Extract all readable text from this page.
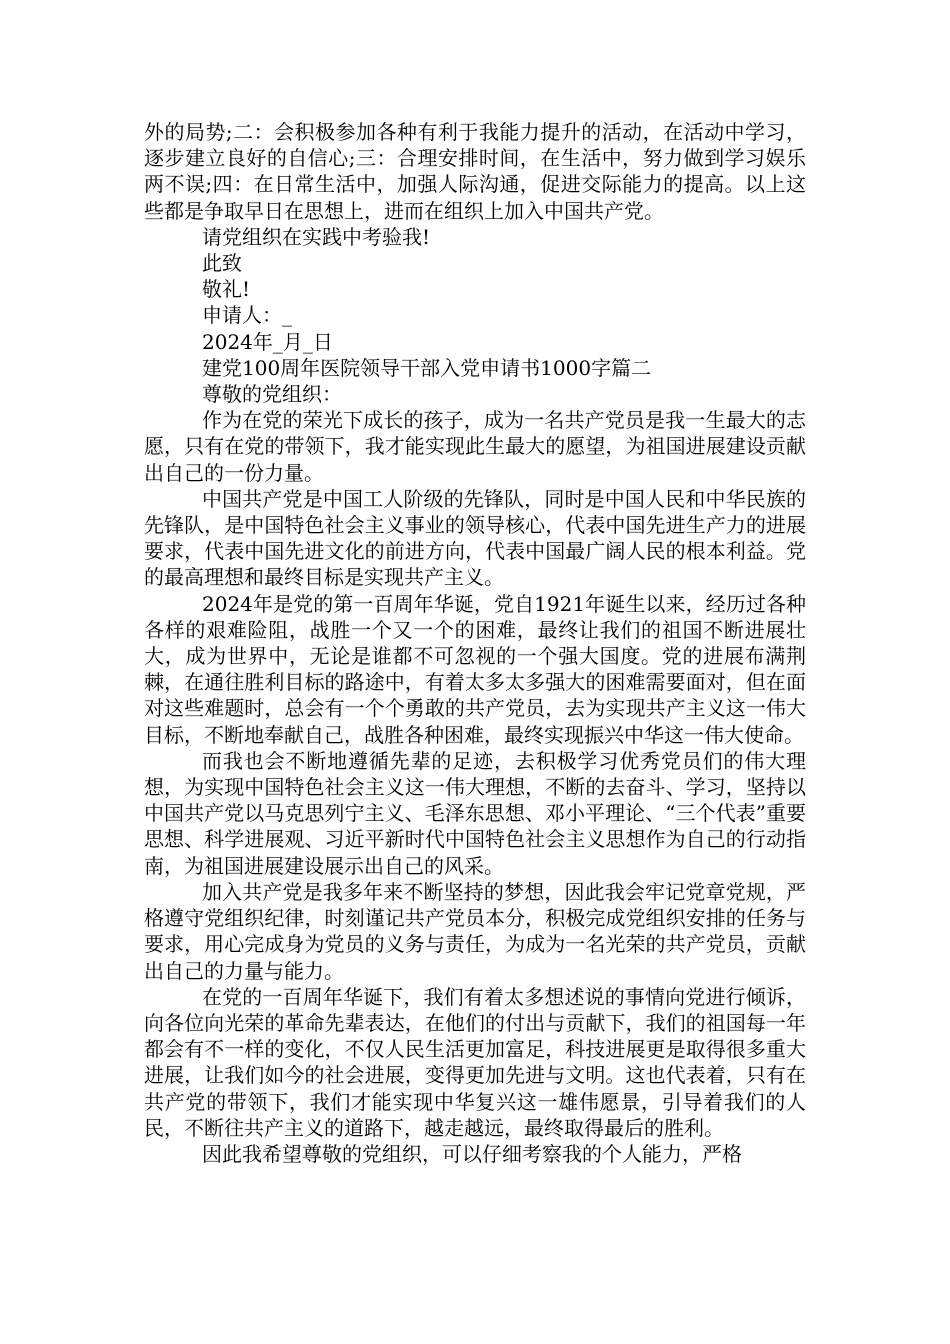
外的局势;二：会积极参加各种有利于我能力提升的活动，在活动中学习，逐步建立良好的自信心;三：合理安排时间，在生活中，努力做到学习娱乐两不误;四：在日常生活中，加强人际沟通，促进交际能力的提高。以上这些都是争取早日在思想上，进而在组织上加入中国共产党。

请党组织在实践中考验我!

此致

敬礼!

申请人：_

2024年_月_日

建党100周年医院领导干部入党申请书1000字篇二

尊敬的党组织：

作为在党的荣光下成长的孩子，成为一名共产党员是我一生最大的志愿，只有在党的带领下，我才能实现此生最大的愿望，为祖国进展建设贡献出自己的一份力量。

中国共产党是中国工人阶级的先锋队，同时是中国人民和中华民族的先锋队，是中国特色社会主义事业的领导核心，代表中国先进生产力的进展要求，代表中国先进文化的前进方向，代表中国最广阔人民的根本利益。党的最高理想和最终目标是实现共产主义。

2024年是党的第一百周年华诞，党自1921年诞生以来，经历过各种各样的艰难险阻，战胜一个又一个的困难，最终让我们的祖国不断进展壮大，成为世界中，无论是谁都不可忽视的一个强大国度。党的进展布满荆棘，在通往胜利目标的路途中，有着太多太多强大的困难需要面对，但在面对这些难题时，总会有一个个勇敢的共产党员，去为实现共产主义这一伟大目标，不断地奉献自己，战胜各种困难，最终实现振兴中华这一伟大使命。

而我也会不断地遵循先辈的足迹，去积极学习优秀党员们的伟大理想，为实现中国特色社会主义这一伟大理想，不断的去奋斗、学习，坚持以中国共产党以马克思列宁主义、毛泽东思想、邓小平理论、“三个代表”重要思想、科学进展观、习近平新时代中国特色社会主义思想作为自己的行动指南，为祖国进展建设展示出自己的风采。

加入共产党是我多年来不断坚持的梦想，因此我会牢记党章党规，严格遵守党组织纪律，时刻谨记共产党员本分，积极完成党组织安排的任务与要求，用心完成身为党员的义务与责任，为成为一名光荣的共产党员，贡献出自己的力量与能力。

在党的一百周年华诞下，我们有着太多想述说的事情向党进行倾诉，向各位向光荣的革命先辈表达，在他们的付出与贡献下，我们的祖国每一年都会有不一样的变化，不仅人民生活更加富足，科技进展更是取得很多重大进展，让我们如今的社会进展，变得更加先进与文明。这也代表着，只有在共产党的带领下，我们才能实现中华复兴这一雄伟愿景，引导着我们的人民，不断往共产主义的道路下，越走越远，最终取得最后的胜利。

因此我希望尊敬的党组织，可以仔细考察我的个人能力，严格
